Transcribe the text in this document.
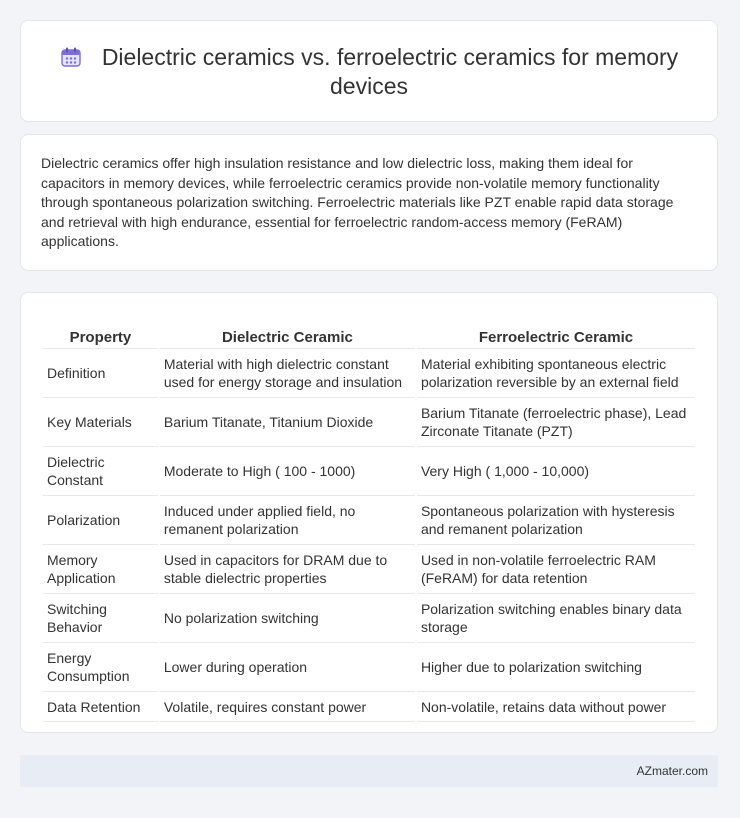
Dielectric ceramics vs. ferroelectric ceramics for memory devices
Dielectric ceramics offer high insulation resistance and low dielectric loss, making them ideal for capacitors in memory devices, while ferroelectric ceramics provide non-volatile memory functionality through spontaneous polarization switching. Ferroelectric materials like PZT enable rapid data storage and retrieval with high endurance, essential for ferroelectric random-access memory (FeRAM) applications.
Property	Dielectric Ceramic	Ferroelectric Ceramic
Definition	Material with high dielectric constant used for energy storage and insulation	Material exhibiting spontaneous electric polarization reversible by an external field
Key Materials	Barium Titanate, Titanium Dioxide	Barium Titanate (ferroelectric phase), Lead Zirconate Titanate (PZT)
Dielectric Constant	Moderate to High ( 100 - 1000)	Very High ( 1,000 - 10,000)
Polarization	Induced under applied field, no remanent polarization	Spontaneous polarization with hysteresis and remanent polarization
Memory Application	Used in capacitors for DRAM due to stable dielectric properties	Used in non-volatile ferroelectric RAM (FeRAM) for data retention
Switching Behavior	No polarization switching	Polarization switching enables binary data storage
Energy Consumption	Lower during operation	Higher due to polarization switching
Data Retention	Volatile, requires constant power	Non-volatile, retains data without power
AZmater.com
